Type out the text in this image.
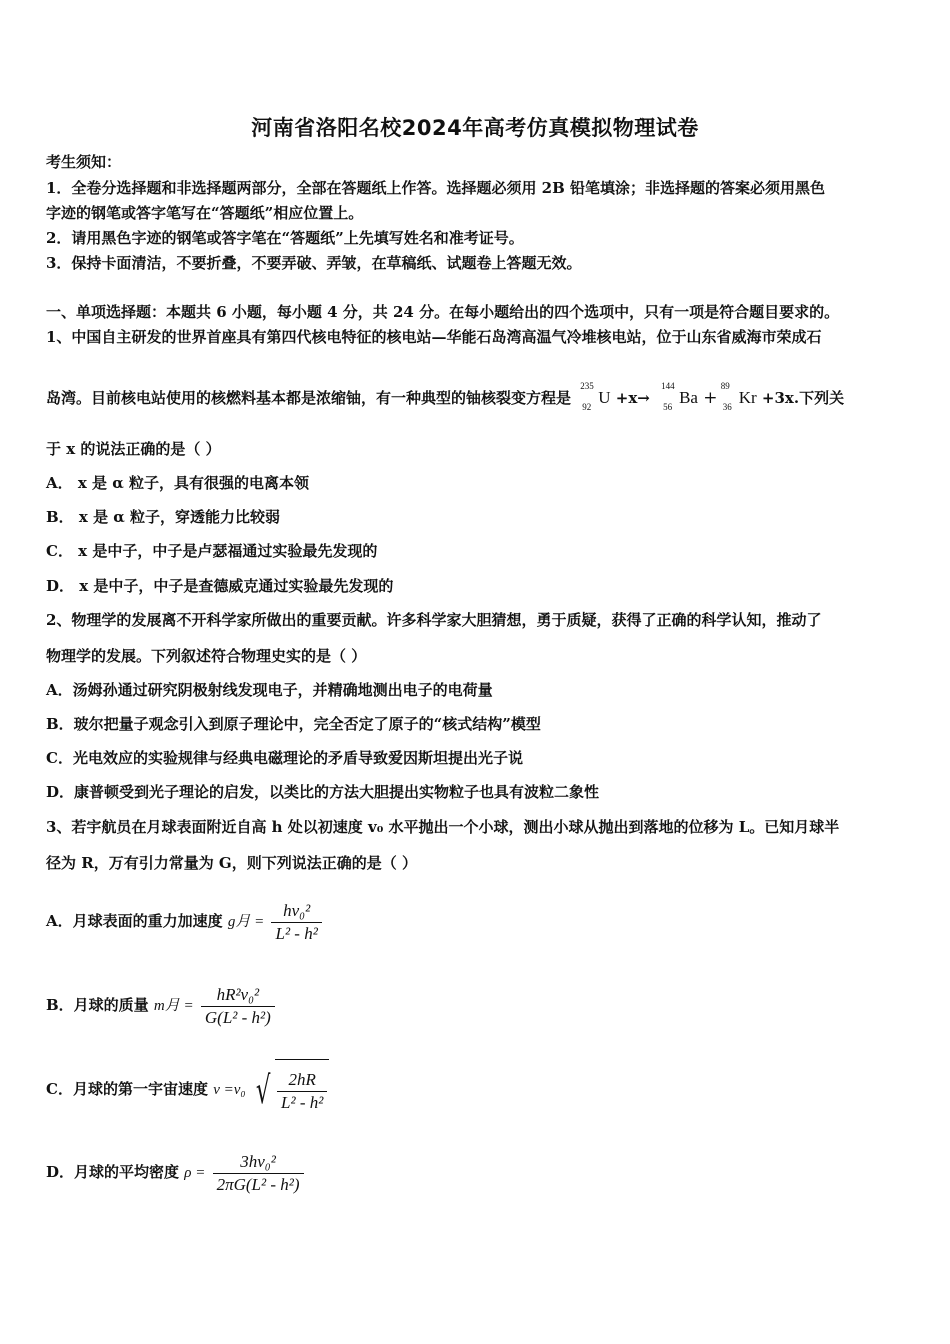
河南省洛阳名校2024年高考仿真模拟物理试卷
考生须知：
1．全卷分选择题和非选择题两部分，全部在答题纸上作答。选择题必须用 2B 铅笔填涂；非选择题的答案必须用黑色
字迹的钢笔或答字笔写在“答题纸”相应位置上。
2．请用黑色字迹的钢笔或答字笔在“答题纸”上先填写姓名和准考证号。
3．保持卡面清洁，不要折叠，不要弄破、弄皱，在草稿纸、试题卷上答题无效。
一、单项选择题：本题共 6 小题，每小题 4 分，共 24 分。在每小题给出的四个选项中，只有一项是符合题目要求的。
1、中国自主研发的世界首座具有第四代核电特征的核电站—华能石岛湾高温气冷堆核电站，位于山东省威海市荣成石
岛湾。目前核电站使用的核燃料基本都是浓缩铀，有一种典型的铀核裂变方程是
235
92 U +x→
144
56 Ba +
89
36 Kr +3x.下列关
于 x 的说法正确的是（ ）
A． x 是 α 粒子，具有很强的电离本领
B． x 是 α 粒子，穿透能力比较弱
C． x 是中子，中子是卢瑟福通过实验最先发现的
D． x 是中子，中子是查德威克通过实验最先发现的
2、物理学的发展离不开科学家所做出的重要贡献。许多科学家大胆猜想，勇于质疑，获得了正确的科学认知，推动了
物理学的发展。下列叙述符合物理史实的是（ ）
A．汤姆孙通过研究阴极射线发现电子，并精确地测出电子的电荷量
B．玻尔把量子观念引入到原子理论中，完全否定了原子的“核式结构”模型
C．光电效应的实验规律与经典电磁理论的矛盾导致爱因斯坦提出光子说
D．康普顿受到光子理论的启发，以类比的方法大胆提出实物粒子也具有波粒二象性
3、若宇航员在月球表面附近自高 h 处以初速度 v₀ 水平抛出一个小球，测出小球从抛出到落地的位移为 L。已知月球半
径为 R，万有引力常量为 G，则下列说法正确的是（ ）
A．月球表面的重力加速度 g月 = $\frac{\text{hv₀²}}{\text{L² - h²}}$
B．月球的质量 m月 = $\frac{\text{hR²v₀²}}{\text{G(L² - h²)}}$
C．月球的第一宇宙速度 v =v₀ √ $\frac{2hR}{\text{L² - h²}}$
D．月球的平均密度 $\rho = \frac{\text{3hv₀²}}{\text{2πG(L² - h²)}}$
